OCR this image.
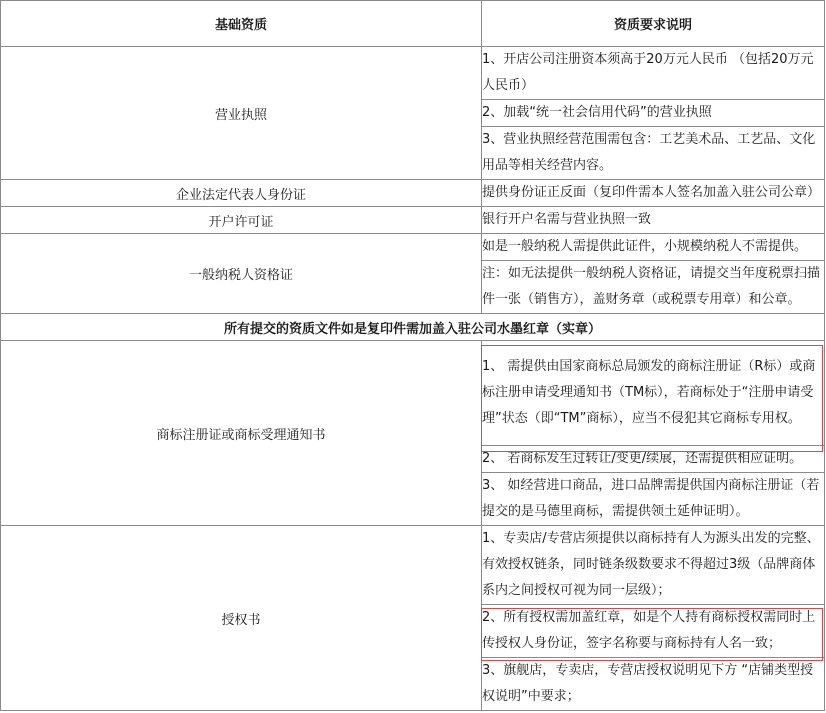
基础资质	资质要求说明
营业执照	1、开店公司注册资本须高于20万元人民币 （包括20万元人民币）
	2、加载“统一社会信用代码”的营业执照
	3、营业执照经营范围需包含：工艺美术品、工艺品、文化用品等相关经营内容。
企业法定代表人身份证	提供身份证正反面（复印件需本人签名加盖入驻公司公章）
开户许可证	银行开户名需与营业执照一致
一般纳税人资格证	如是一般纳税人需提供此证件，小规模纳税人不需提供。
	注：如无法提供一般纳税人资格证，请提交当年度税票扫描件一张（销售方），盖财务章（或税票专用章）和公章。
所有提交的资质文件如是复印件需加盖入驻公司水墨红章（实章）	
商标注册证或商标受理通知书	1、 需提供由国家商标总局颁发的商标注册证（R标）或商标注册申请受理通知书（TM标），若商标处于“注册申请受理”状态（即“TM”商标），应当不侵犯其它商标专用权。
	2、 若商标发生过转让/变更/续展，还需提供相应证明。
	3、 如经营进口商品，进口品牌需提供国内商标注册证（若提交的是马德里商标，需提供领土延伸证明）。
授权书	1、专卖店/专营店须提供以商标持有人为源头出发的完整、有效授权链条，同时链条级数要求不得超过3级（品牌商体系内之间授权可视为同一层级）；
	2、所有授权需加盖红章，如是个人持有商标授权需同时上传授权人身份证，签字名称要与商标持有人名一致；
	3、旗舰店，专卖店，专营店授权说明见下方 “店铺类型授权说明”中要求；
